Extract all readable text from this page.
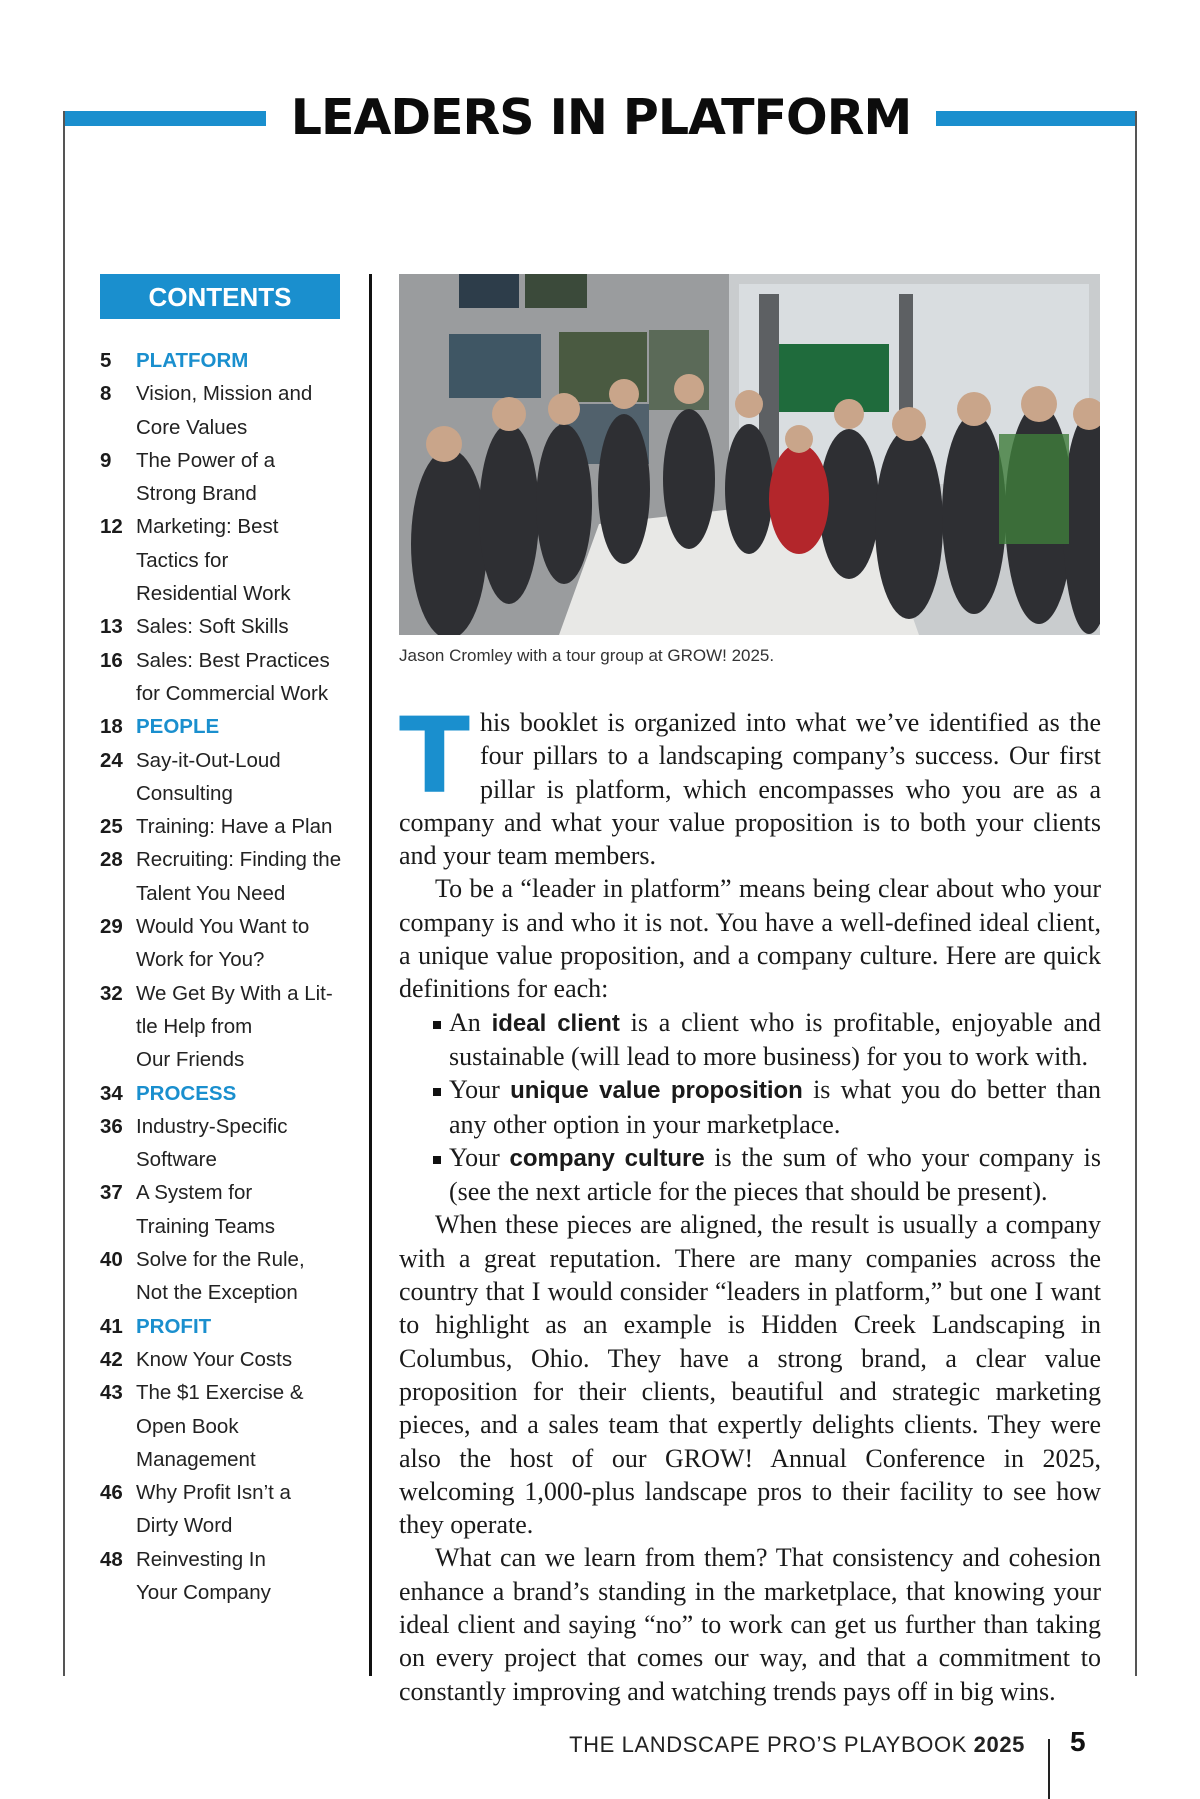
LEADERS IN PLATFORM
CONTENTS
5	PLATFORM
8	Vision, Mission and
Core Values
9	The Power of a
Strong Brand
12 Marketing: Best
Tactics for
Residential Work
13 Sales: Soft Skills
16 Sales: Best Practices
for Commercial Work
18 PEOPLE
24 Say-it-Out-Loud
Consulting
25 Training: Have a Plan
28 Recruiting: Finding the
Talent You Need
29 Would You Want to
Work for You?
32 We Get By With a Lit-
tle Help from
Our Friends
34 PROCESS
36 Industry-Specific
Software
37 A System for
Training Teams
40 Solve for the Rule,
Not the Exception
41 PROFIT
42 Know Your Costs
43 The $1 Exercise &
Open Book
Management
46 Why Profit Isn’t a
Dirty Word
48 Reinvesting In
Your Company

Jason Cromley with a tour group at GROW! 2025.

This booklet is organized into what we’ve identified as the four pillars to a landscaping company’s success. Our first pillar is platform, which encompasses who you are as a company and what your value proposition is to both your clients and your team members.

To be a “leader in platform” means being clear about who your company is and who it is not. You have a well-defined ideal client, a unique value proposition, and a company culture. Here are quick definitions for each:

An ideal client is a client who is profitable, enjoyable and sustainable (will lead to more business) for you to work with.
Your unique value proposition is what you do better than any other option in your marketplace.
Your company culture is the sum of who your company is (see the next article for the pieces that should be present).

When these pieces are aligned, the result is usually a company with a great reputation. There are many companies across the country that I would consider “leaders in platform,” but one I want to highlight as an example is Hidden Creek Landscaping in Columbus, Ohio. They have a strong brand, a clear value proposition for their clients, beautiful and strategic marketing pieces, and a sales team that expertly delights clients. They were also the host of our GROW! Annual Conference in 2025, welcoming 1,000-plus landscape pros to their facility to see how they operate.

What can we learn from them? That consistency and cohesion enhance a brand’s standing in the marketplace, that knowing your ideal client and saying “no” to work can get us further than taking on every project that comes our way, and that a commitment to constantly improving and watching trends pays off in big wins.

THE LANDSCAPE PRO’S PLAYBOOK 2025 5
